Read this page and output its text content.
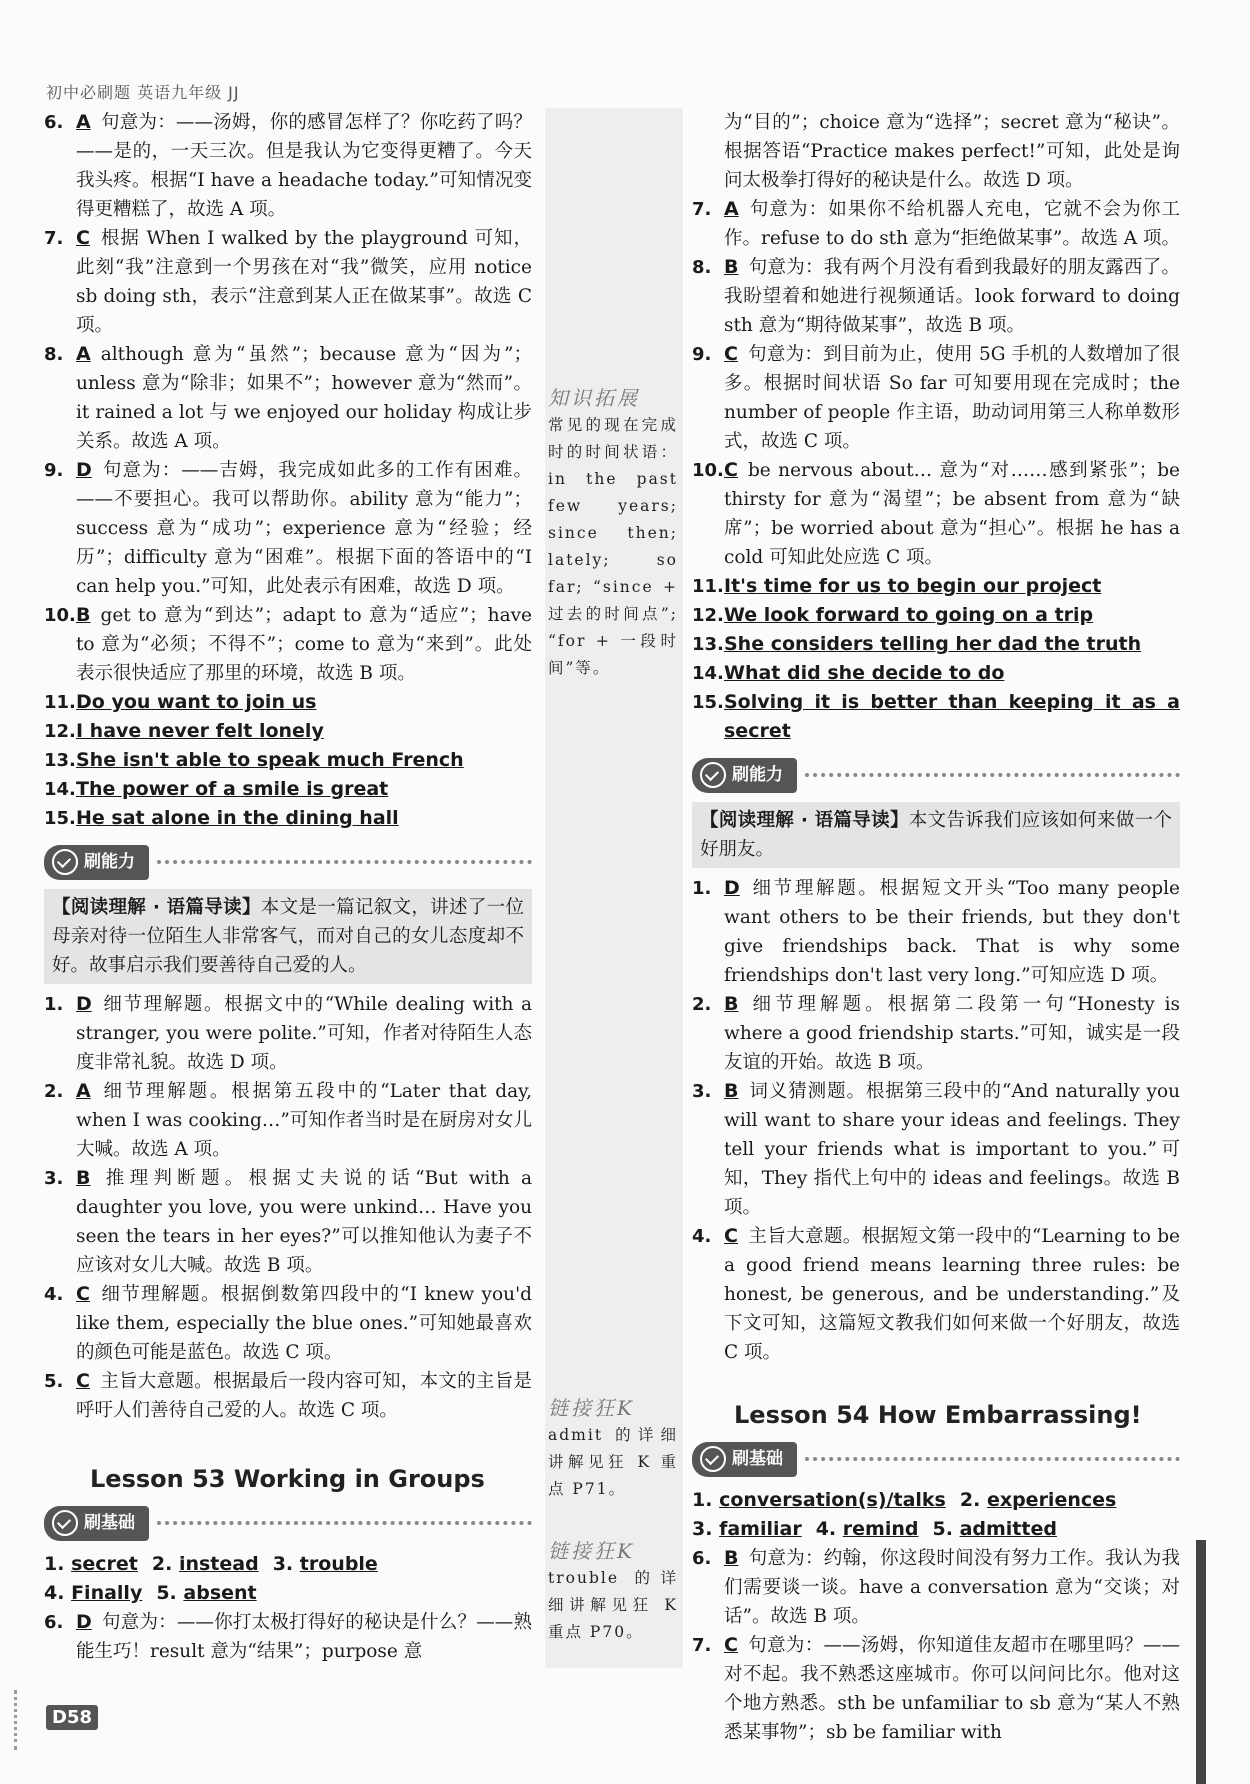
初中必刷题 英语九年级 JJ
知识拓展
常见的现在完成时的时间状语：in the past few years; since then; lately; so far; “since + 过去的时间点”; “for + 一段时间”等。
链接狂K
admit 的详细讲解见狂 K 重点 P71。
链接狂K
trouble 的详细讲解见狂 K 重点 P70。

6. A 句意为：——汤姆，你的感冒怎样了？你吃药了吗？——是的，一天三次。但是我认为它变得更糟了。今天我头疼。根据“I have a headache today.”可知情况变得更糟糕了，故选 A 项。

7. C 根据 When I walked by the playground 可知，此刻“我”注意到一个男孩在对“我”微笑，应用 notice sb doing sth，表示“注意到某人正在做某事”。故选 C 项。

8. A although 意为“虽然”；because 意为“因为”；unless 意为“除非；如果不”；however 意为“然而”。it rained a lot 与 we enjoyed our holiday 构成让步关系。故选 A 项。

9. D 句意为：——吉姆，我完成如此多的工作有困难。——不要担心。我可以帮助你。ability 意为“能力”；success 意为“成功”；experience 意为“经验；经历”；difficulty 意为“困难”。根据下面的答语中的“I can help you.”可知，此处表示有困难，故选 D 项。

10. B get to 意为“到达”；adapt to 意为“适应”；have to 意为“必须；不得不”；come to 意为“来到”。此处表示很快适应了那里的环境，故选 B 项。

11. Do you want to join us

12. I have never felt lonely

13. She isn't able to speak much French

14. The power of a smile is great

15. He sat alone in the dining hall

刷能力
【阅读理解 · 语篇导读】本文是一篇记叙文，讲述了一位母亲对待一位陌生人非常客气，而对自己的女儿态度却不好。故事启示我们要善待自己爱的人。

1. D 细节理解题。根据文中的“While dealing with a stranger, you were polite.”可知，作者对待陌生人态度非常礼貌。故选 D 项。

2. A 细节理解题。根据第五段中的“Later that day, when I was cooking…”可知作者当时是在厨房对女儿大喊。故选 A 项。

3. B 推理判断题。根据丈夫说的话“But with a daughter you love, you were unkind… Have you seen the tears in her eyes?”可以推知他认为妻子不应该对女儿大喊。故选 B 项。

4. C 细节理解题。根据倒数第四段中的“I knew you'd like them, especially the blue ones.”可知她最喜欢的颜色可能是蓝色。故选 C 项。

5. C 主旨大意题。根据最后一段内容可知，本文的主旨是呼吁人们善待自己爱的人。故选 C 项。

Lesson 53 Working in Groups
刷基础
1. secret 2. instead 3. trouble
4. Finally 5. absent

6. D 句意为：——你打太极打得好的秘诀是什么？——熟能生巧！result 意为“结果”；purpose 意

为“目的”；choice 意为“选择”；secret 意为“秘诀”。根据答语“Practice makes perfect!”可知，此处是询问太极拳打得好的秘诀是什么。故选 D 项。

7. A 句意为：如果你不给机器人充电，它就不会为你工作。refuse to do sth 意为“拒绝做某事”。故选 A 项。

8. B 句意为：我有两个月没有看到我最好的朋友露西了。我盼望着和她进行视频通话。look forward to doing sth 意为“期待做某事”，故选 B 项。

9. C 句意为：到目前为止，使用 5G 手机的人数增加了很多。根据时间状语 So far 可知要用现在完成时；the number of people 作主语，助动词用第三人称单数形式，故选 C 项。

10. C be nervous about… 意为“对……感到紧张”；be thirsty for 意为“渴望”；be absent from 意为“缺席”；be worried about 意为“担心”。根据 he has a cold 可知此处应选 C 项。

11. It's time for us to begin our project

12. We look forward to going on a trip

13. She considers telling her dad the truth

14. What did she decide to do

15. Solving it is better than keeping it as a secret

刷能力
【阅读理解 · 语篇导读】本文告诉我们应该如何来做一个好朋友。

1. D 细节理解题。根据短文开头“Too many people want others to be their friends, but they don't give friendships back. That is why some friendships don't last very long.”可知应选 D 项。

2. B 细节理解题。根据第二段第一句“Honesty is where a good friendship starts.”可知，诚实是一段友谊的开始。故选 B 项。

3. B 词义猜测题。根据第三段中的“And naturally you will want to share your ideas and feelings. They tell your friends what is important to you.”可知，They 指代上句中的 ideas and feelings。故选 B 项。

4. C 主旨大意题。根据短文第一段中的“Learning to be a good friend means learning three rules: be honest, be generous, and be understanding.”及下文可知，这篇短文教我们如何来做一个好朋友，故选 C 项。

Lesson 54 How Embarrassing!
刷基础
1. conversation(s)/talks 2. experiences
3. familiar 4. remind 5. admitted

6. B 句意为：约翰，你这段时间没有努力工作。我认为我们需要谈一谈。have a conversation 意为“交谈；对话”。故选 B 项。

7. C 句意为：——汤姆，你知道佳友超市在哪里吗？——对不起。我不熟悉这座城市。你可以问问比尔。他对这个地方熟悉。sth be unfamiliar to sb 意为“某人不熟悉某事物”；sb be familiar with

D58
